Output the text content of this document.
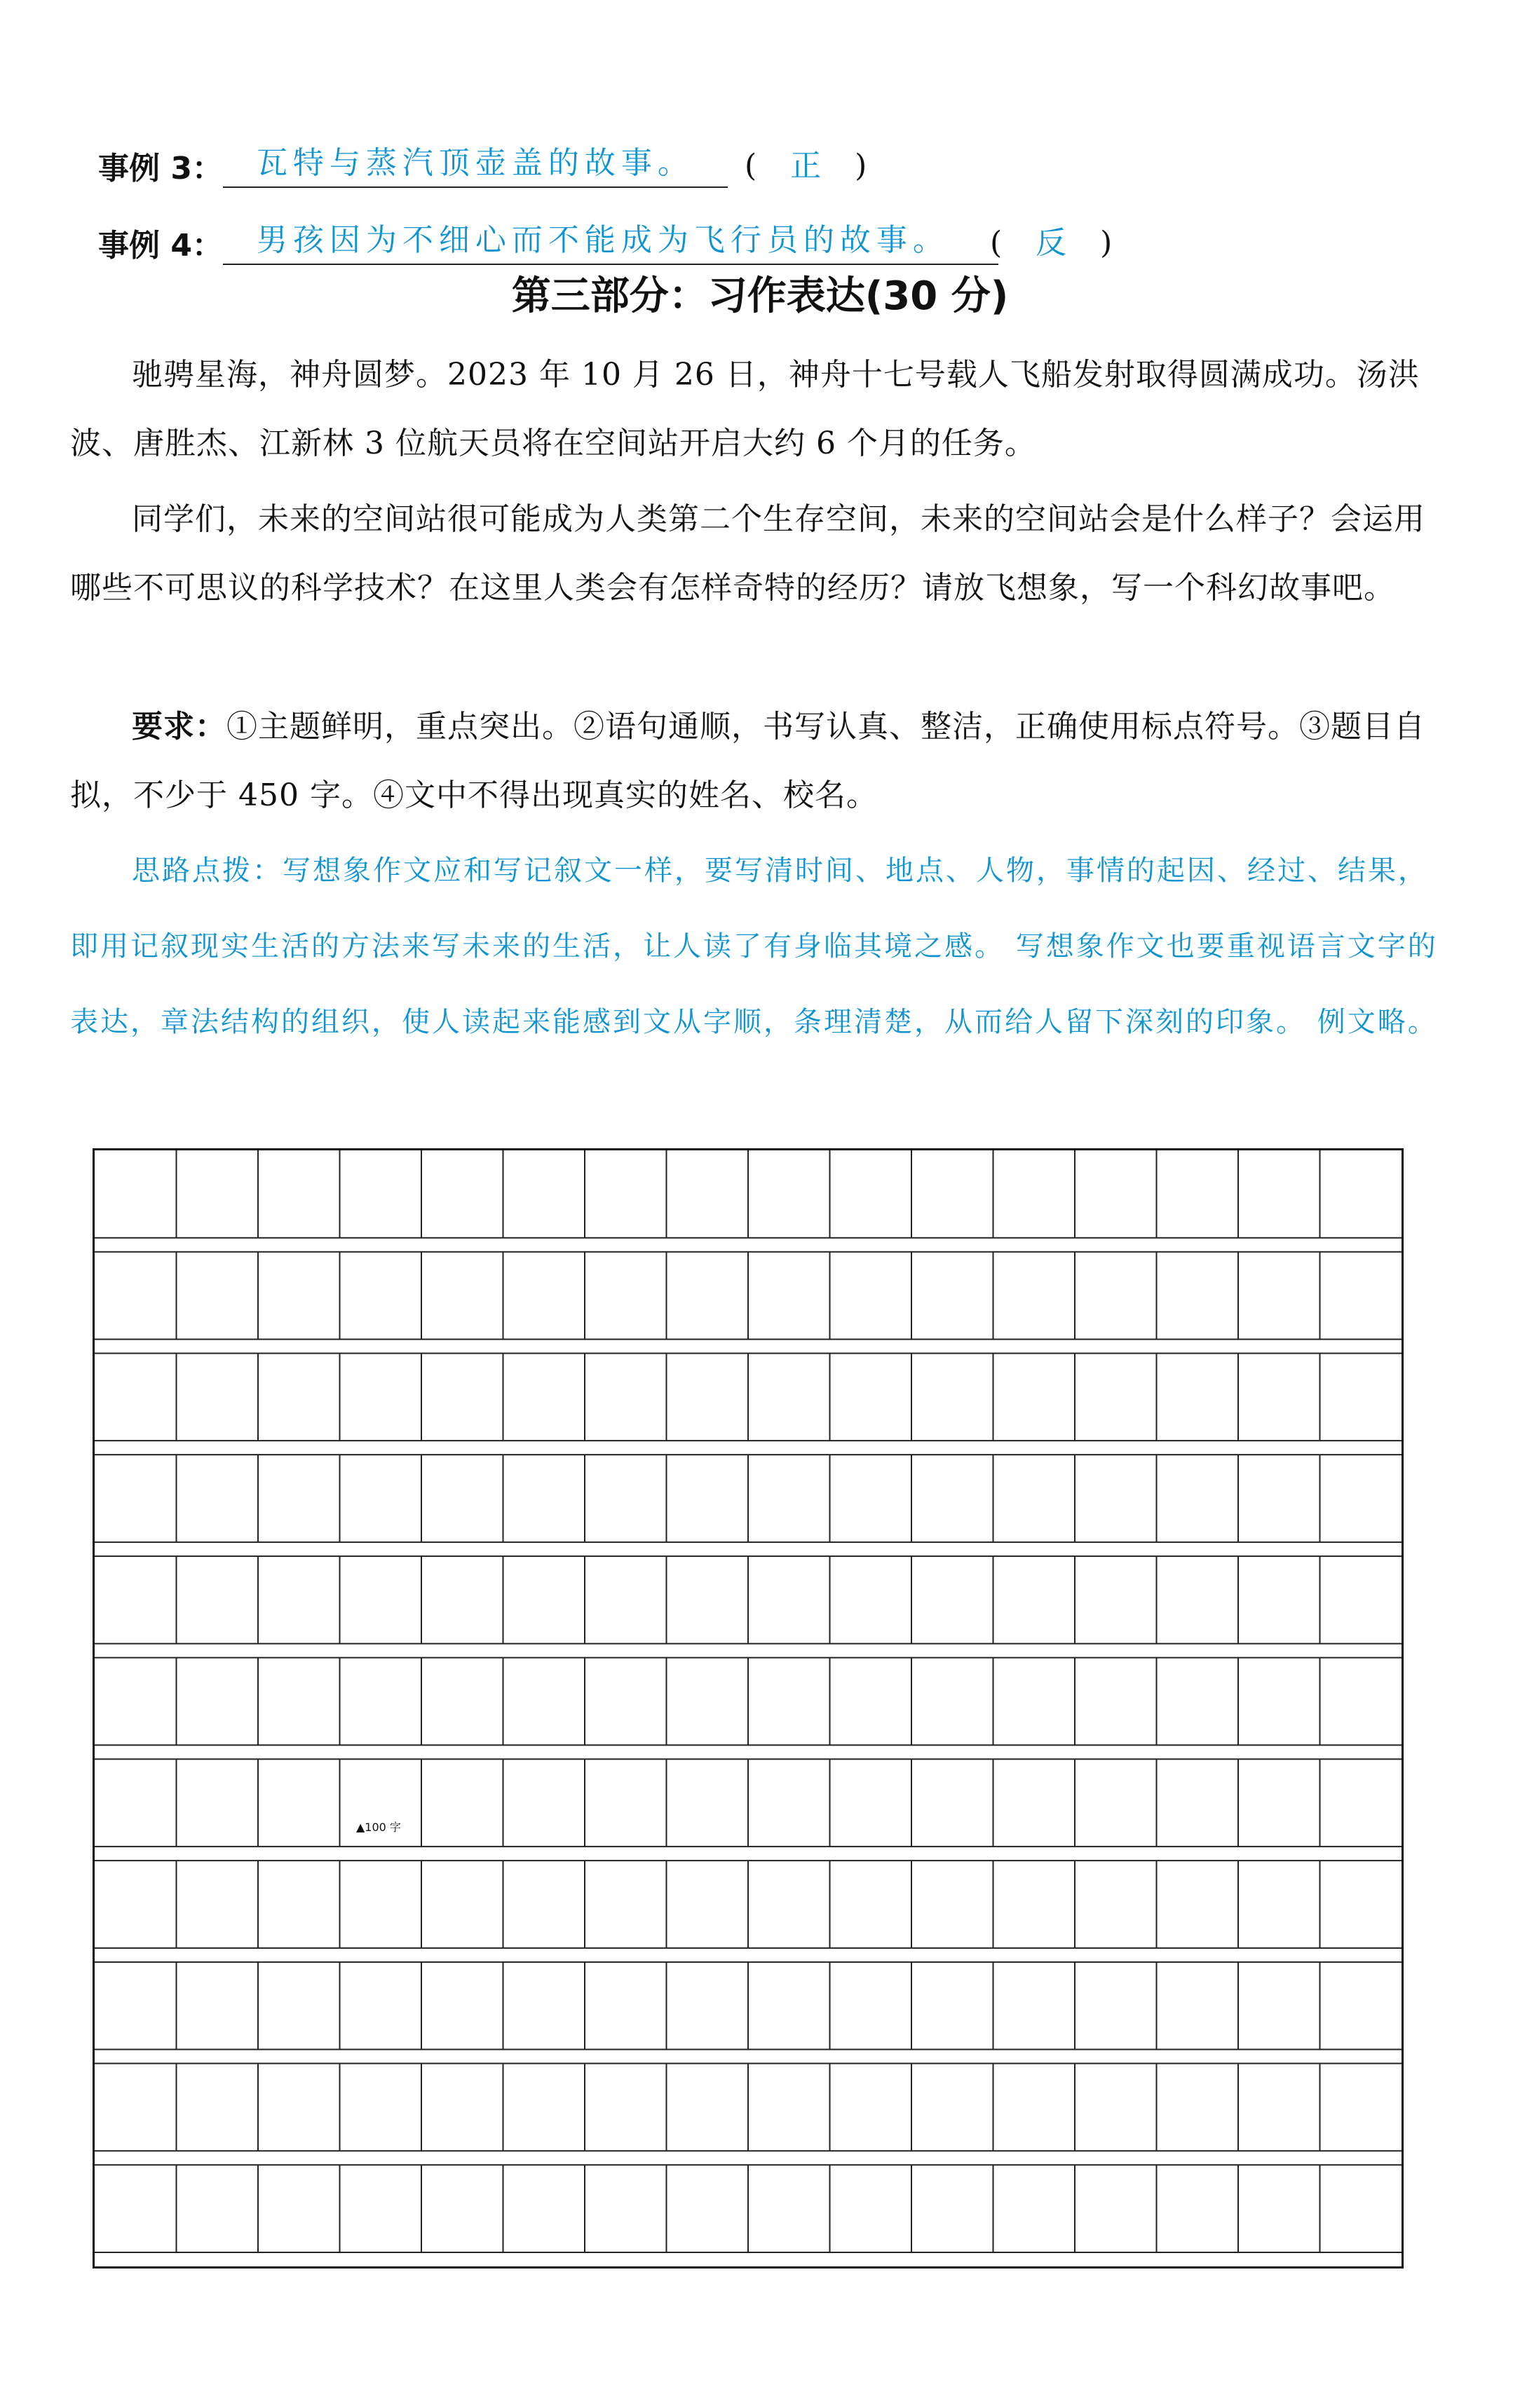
事例 3： 瓦特与蒸汽顶壶盖的故事。 ( 正 )
事例 4： 男孩因为不细心而不能成为飞行员的故事。 ( 反 )
第三部分：习作表达(30 分)
驰骋星海，神舟圆梦。2023 年 10 月 26 日，神舟十七号载人飞船发射取得圆满成功。汤洪波、唐胜杰、江新林 3 位航天员将在空间站开启大约 6 个月的任务。
同学们，未来的空间站很可能成为人类第二个生存空间，未来的空间站会是什么样子？会运用哪些不可思议的科学技术？在这里人类会有怎样奇特的经历？请放飞想象，写一个科幻故事吧。
要求：①主题鲜明，重点突出。②语句通顺，书写认真、整洁，正确使用标点符号。③题目自拟，不少于 450 字。④文中不得出现真实的姓名、校名。
思路点拨：写想象作文应和写记叙文一样，要写清时间、地点、人物，事情的起因、经过、结果，即用记叙现实生活的方法来写未来的生活，让人读了有身临其境之感。 写想象作文也要重视语言文字的表达，章法结构的组织，使人读起来能感到文从字顺，条理清楚，从而给人留下深刻的印象。 例文略。
▲100 字
